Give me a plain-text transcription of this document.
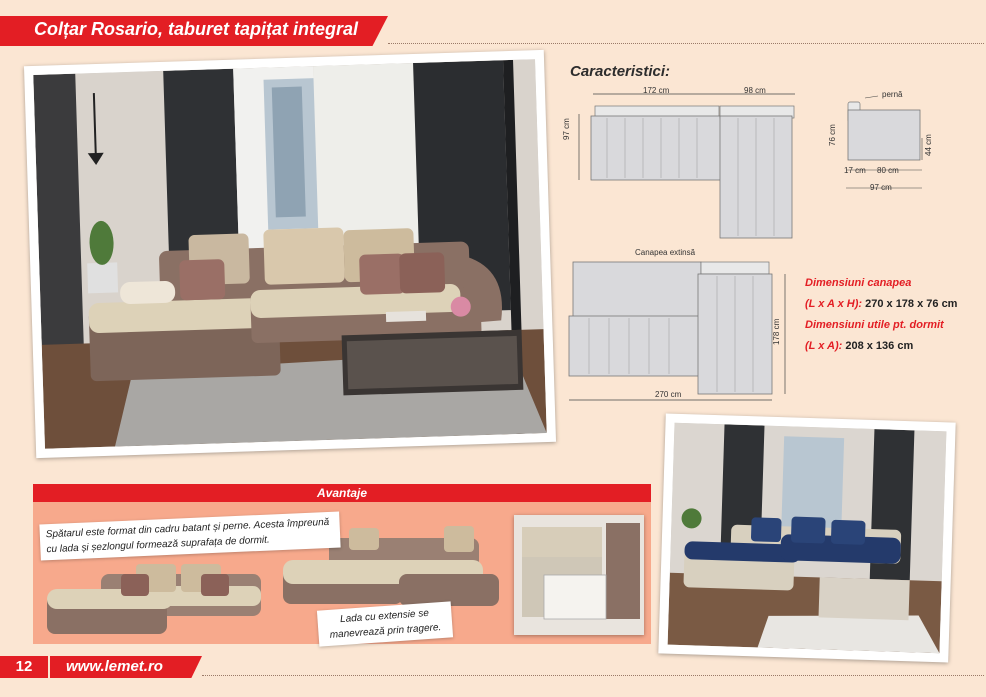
Colțar Rosario, taburet tapițat integral
Caracteristici:
172 cm	98 cm
97 cm
pernă
76 cm	44 cm
17 cm 80 cm
97 cm
Canapea extinsă
270 cm
178 cm
Dimensiuni canapea
(L x A x H): 270 x 178 x 76 cm
Dimensiuni utile pt. dormit
(L x A): 208 x 136 cm
Avantaje
Spătarul este format din cadru batant și perne. Acesta împreună cu lada și șezlongul formează suprafața de dormit.
Lada cu extensie se manevrează prin tragere.
12	www.lemet.ro
